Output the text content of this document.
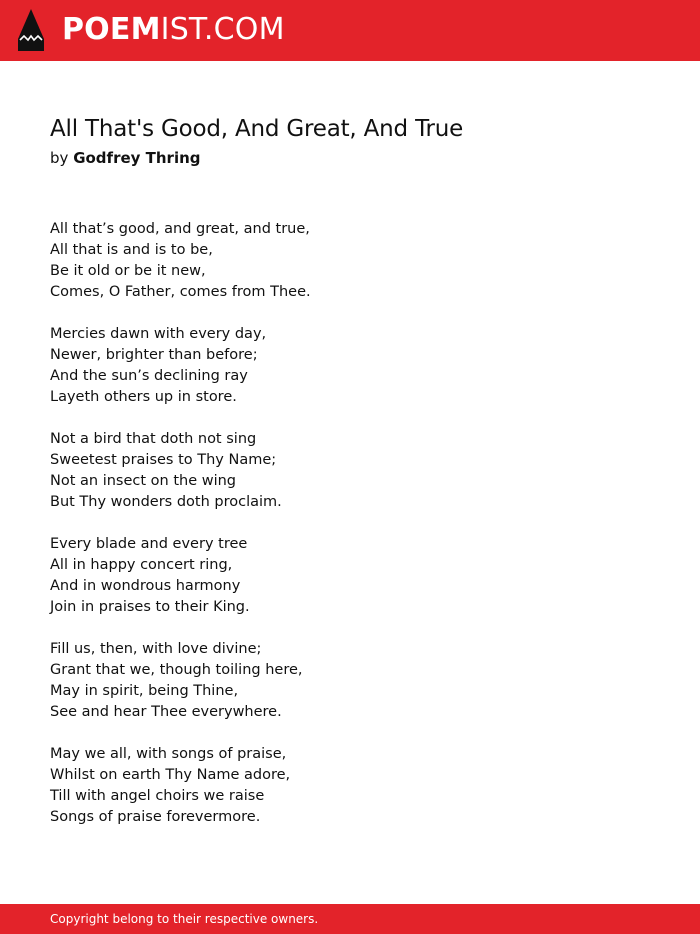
POEMIST.COM
All That's Good, And Great, And True
by Godfrey Thring
All that’s good, and great, and true,
All that is and is to be,
Be it old or be it new,
Comes, O Father, comes from Thee.
Mercies dawn with every day,
Newer, brighter than before;
And the sun’s declining ray
Layeth others up in store.
Not a bird that doth not sing
Sweetest praises to Thy Name;
Not an insect on the wing
But Thy wonders doth proclaim.
Every blade and every tree
All in happy concert ring,
And in wondrous harmony
Join in praises to their King.
Fill us, then, with love divine;
Grant that we, though toiling here,
May in spirit, being Thine,
See and hear Thee everywhere.
May we all, with songs of praise,
Whilst on earth Thy Name adore,
Till with angel choirs we raise
Songs of praise forevermore.
Copyright belong to their respective owners.
